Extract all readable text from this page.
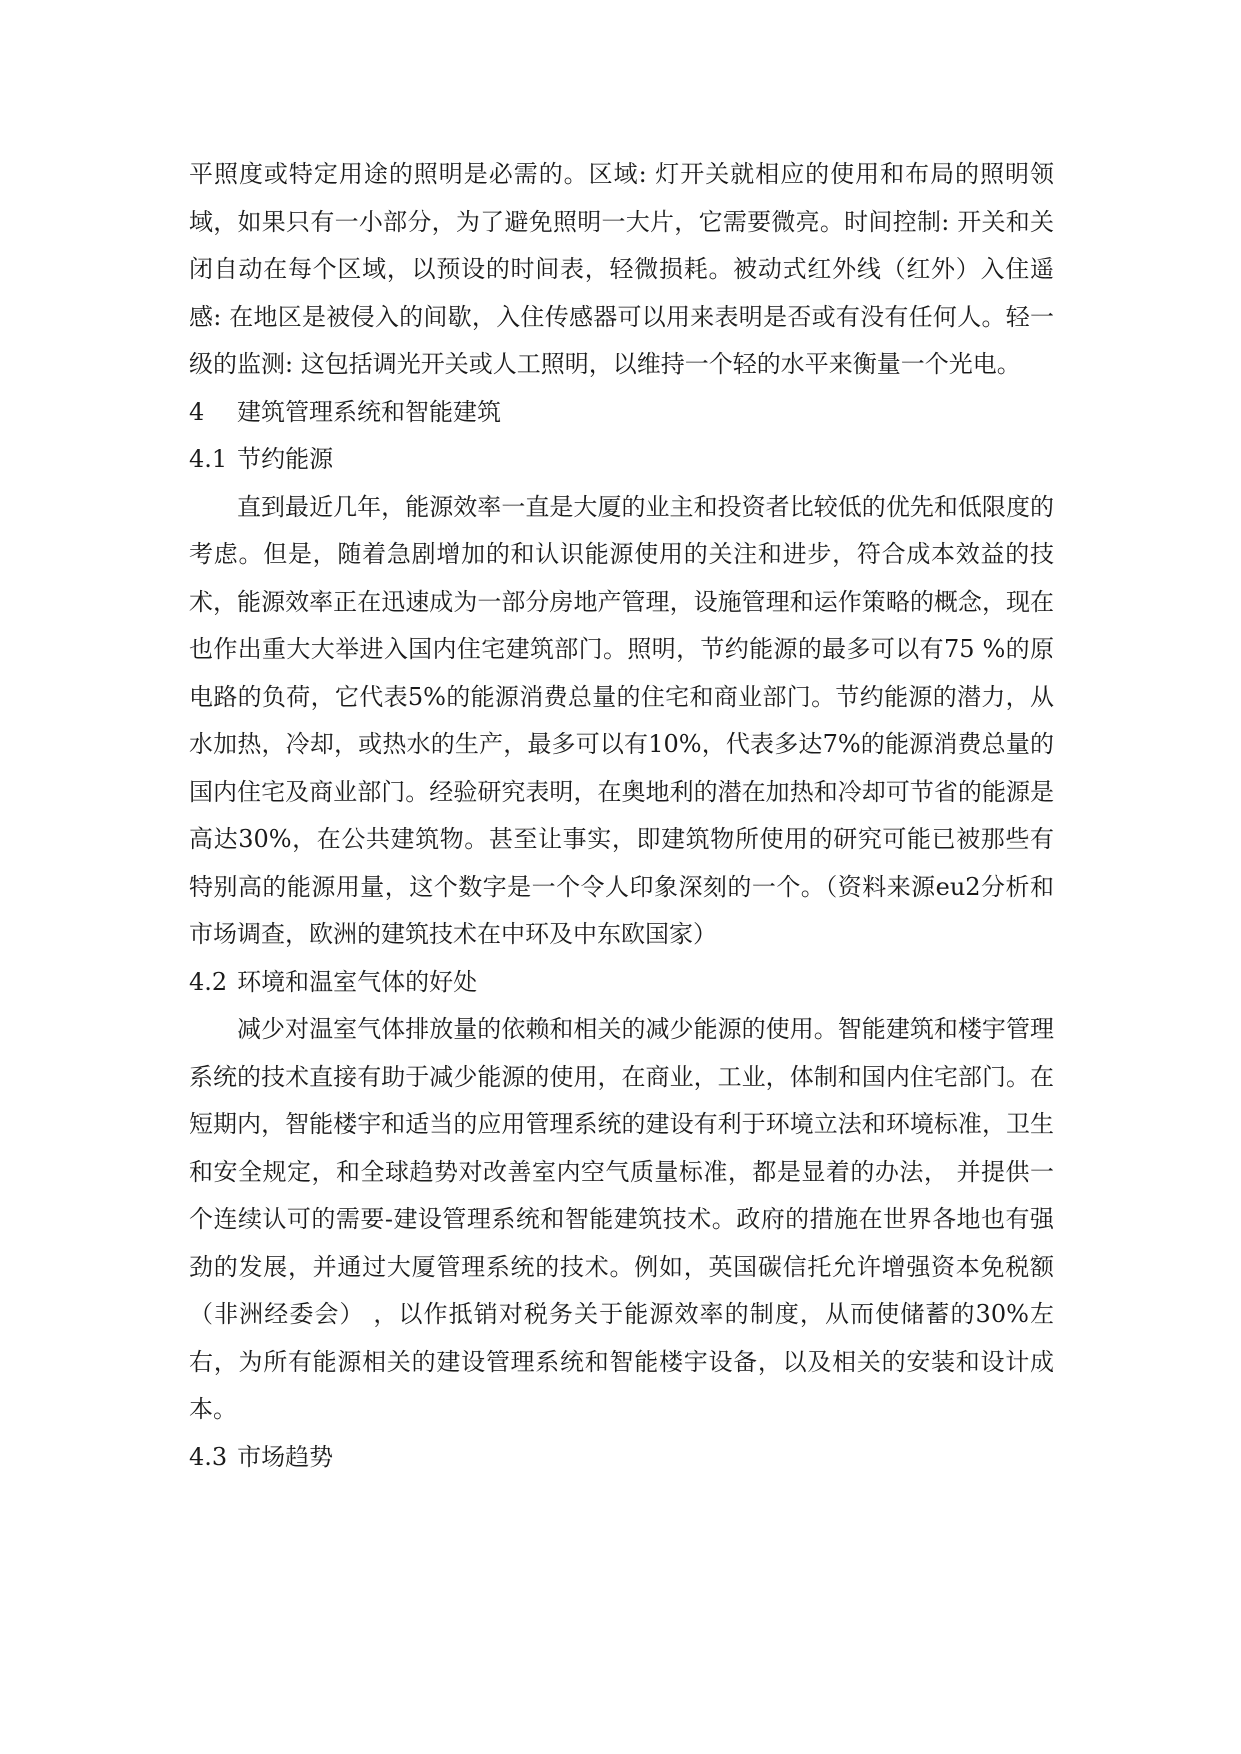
平照度或特定用途的照明是必需的。区域: 灯开关就相应的使用和布局的照明领域，如果只有一小部分，为了避免照明一大片，它需要微亮。时间控制: 开关和关闭自动在每个区域，以预设的时间表，轻微损耗。被动式红外线（红外）入住遥感: 在地区是被侵入的间歇，入住传感器可以用来表明是否或有没有任何人。轻一级的监测: 这包括调光开关或人工照明，以维持一个轻的水平来衡量一个光电。

4 建筑管理系统和智能建筑

4.1 节约能源

直到最近几年，能源效率一直是大厦的业主和投资者比较低的优先和低限度的考虑。但是，随着急剧增加的和认识能源使用的关注和进步，符合成本效益的技术，能源效率正在迅速成为一部分房地产管理，设施管理和运作策略的概念，现在也作出重大大举进入国内住宅建筑部门。照明，节约能源的最多可以有75 %的原电路的负荷，它代表5%的能源消费总量的住宅和商业部门。节约能源的潜力，从水加热，冷却，或热水的生产，最多可以有10%，代表多达7%的能源消费总量的国内住宅及商业部门。经验研究表明，在奥地利的潜在加热和冷却可节省的能源是高达30%，在公共建筑物。甚至让事实，即建筑物所使用的研究可能已被那些有特别高的能源用量，这个数字是一个令人印象深刻的一个。（资料来源eu2分析和市场调查，欧洲的建筑技术在中环及中东欧国家）

4.2 环境和温室气体的好处

减少对温室气体排放量的依赖和相关的减少能源的使用。智能建筑和楼宇管理系统的技术直接有助于减少能源的使用，在商业，工业，体制和国内住宅部门。在短期内，智能楼宇和适当的应用管理系统的建设有利于环境立法和环境标准，卫生和安全规定，和全球趋势对改善室内空气质量标准，都是显着的办法， 并提供一个连续认可的需要-建设管理系统和智能建筑技术。政府的措施在世界各地也有强劲的发展，并通过大厦管理系统的技术。例如，英国碳信托允许增强资本免税额（非洲经委会） ，以作抵销对税务关于能源效率的制度，从而使储蓄的30%左右，为所有能源相关的建设管理系统和智能楼宇设备，以及相关的安装和设计成本。

4.3 市场趋势
